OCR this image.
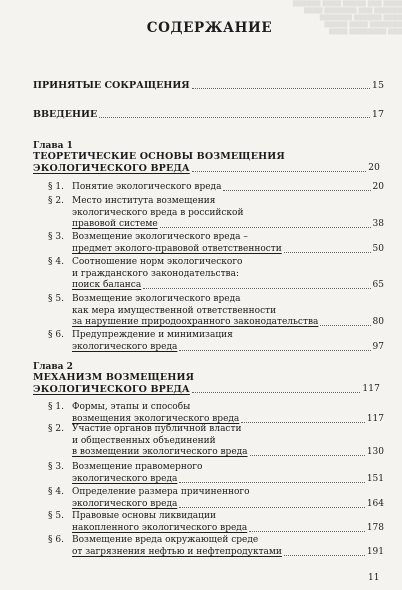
▇▇▇▇ ▇▇▇ ▇▇▇▇▇ ▇▇▇▇ ▇▇▇▇▇▇
▇▇▇▇▇▇ ▇▇▇ ▇▇▇▇▇▇▇ ▇▇▇▇
▇▇▇▇ ▇▇▇▇▇▇ ▇▇▇▇▇▇▇
▇▇▇▇▇▇▇ ▇▇▇▇ ▇▇▇▇▇
▇▇▇ ▇▇▇▇▇▇▇▇ ▇▇▇▇
СОДЕРЖАНИЕ
ПРИНЯТЫЕ СОКРАЩЕНИЯ	15
ВВЕДЕНИЕ	17
Глава 1
ТЕОРЕТИЧЕСКИЕ ОСНОВЫ ВОЗМЕЩЕНИЯ
ЭКОЛОГИЧЕСКОГО ВРЕДА	20
§ 1. Понятие экологического вреда	20
§ 2. Место института возмещения
экологического вреда в российской
правовой системе	38
§ 3. Возмещение экологического вреда –
предмет эколого-правовой ответственности	50
§ 4. Соотношение норм экологического
и гражданского законодательства:
поиск баланса	65
§ 5. Возмещение экологического вреда
как мера имущественной ответственности
за нарушение природоохранного законодательства	80
§ 6. Предупреждение и минимизация
экологического вреда	97
Глава 2
МЕХАНИЗМ ВОЗМЕЩЕНИЯ
ЭКОЛОГИЧЕСКОГО ВРЕДА	117
§ 1. Формы, этапы и способы
возмещения экологического вреда	117
§ 2. Участие органов публичной власти
и общественных объединений
в возмещении экологического вреда	130
§ 3. Возмещение правомерного
экологического вреда	151
§ 4. Определение размера причиненного
экологического вреда	164
§ 5. Правовые основы ликвидации
накопленного экологического вреда	178
§ 6. Возмещение вреда окружающей среде
от загрязнения нефтью и нефтепродуктами	191
11
